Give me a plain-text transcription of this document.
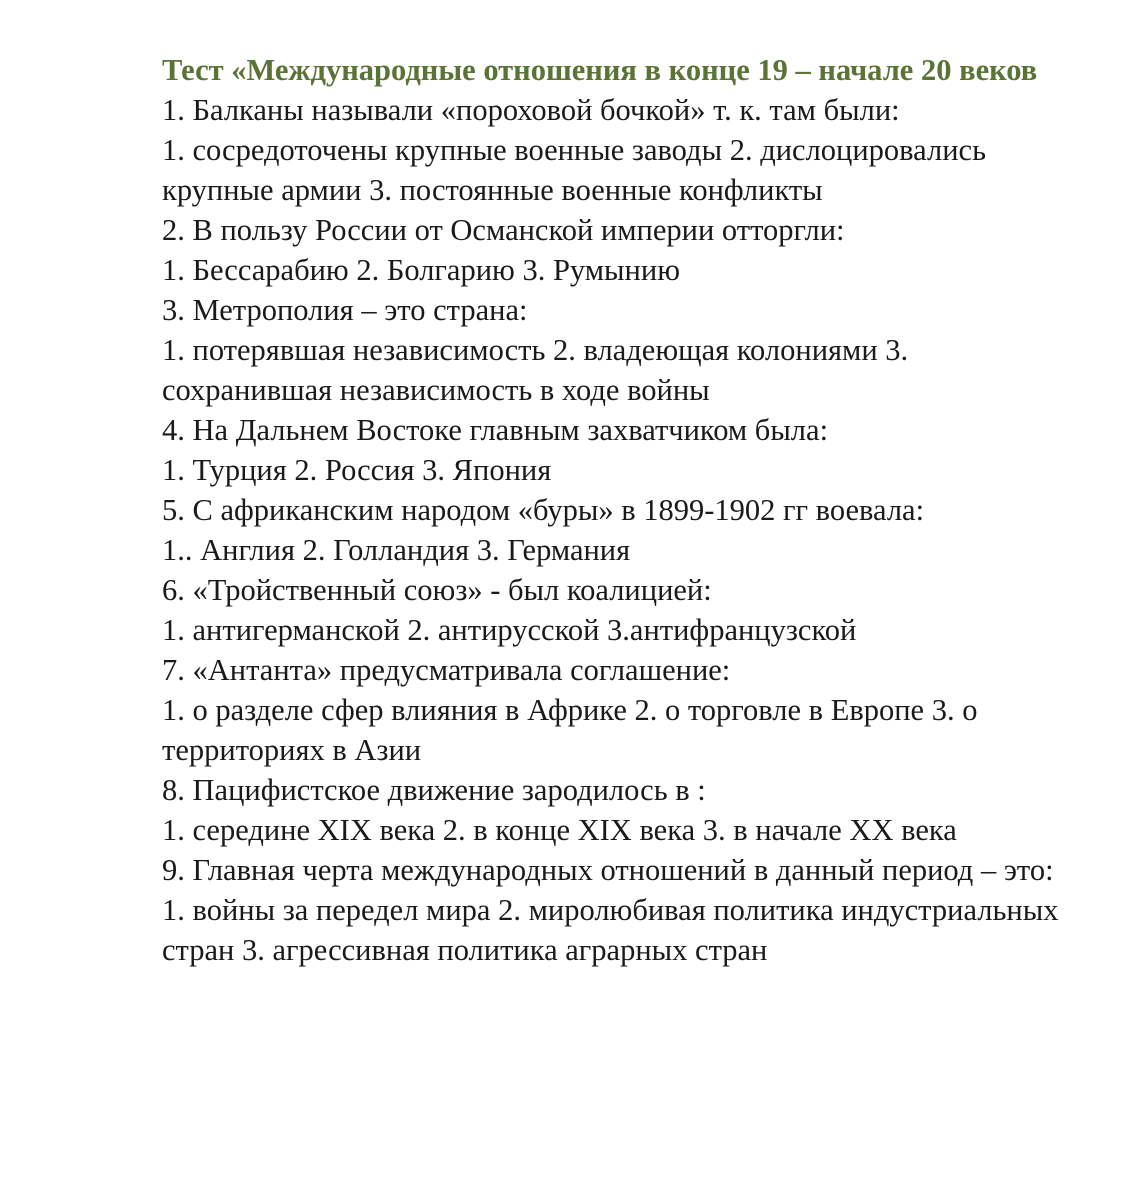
Тест «Международные отношения в конце 19 – начале 20 веков
1. Балканы называли «пороховой бочкой» т. к. там были:
1. сосредоточены крупные военные заводы 2. дислоцировались крупные армии 3. постоянные военные конфликты
2. В пользу России от Османской империи отторгли:
1. Бессарабию 2. Болгарию 3. Румынию
3. Метрополия – это страна:
1. потерявшая независимость 2. владеющая колониями 3. сохранившая независимость в ходе войны
4. На Дальнем Востоке главным захватчиком была:
1. Турция 2. Россия 3. Япония
5. С африканским народом «буры» в 1899-1902 гг воевала:
1.. Англия 2. Голландия 3. Германия
6. «Тройственный союз» - был коалицией:
1. антигерманской 2. антирусской 3.антифранцузской
7. «Антанта» предусматривала соглашение:
1. о разделе сфер влияния в Африке 2. о торговле в Европе 3. о территориях в Азии
8. Пацифистское движение зародилось в :
1. середине XIX века 2. в конце XIX века 3. в начале XX века
9. Главная черта международных отношений в данный период – это:
1. войны за передел мира 2. миролюбивая политика индустриальных стран 3. агрессивная политика аграрных стран
